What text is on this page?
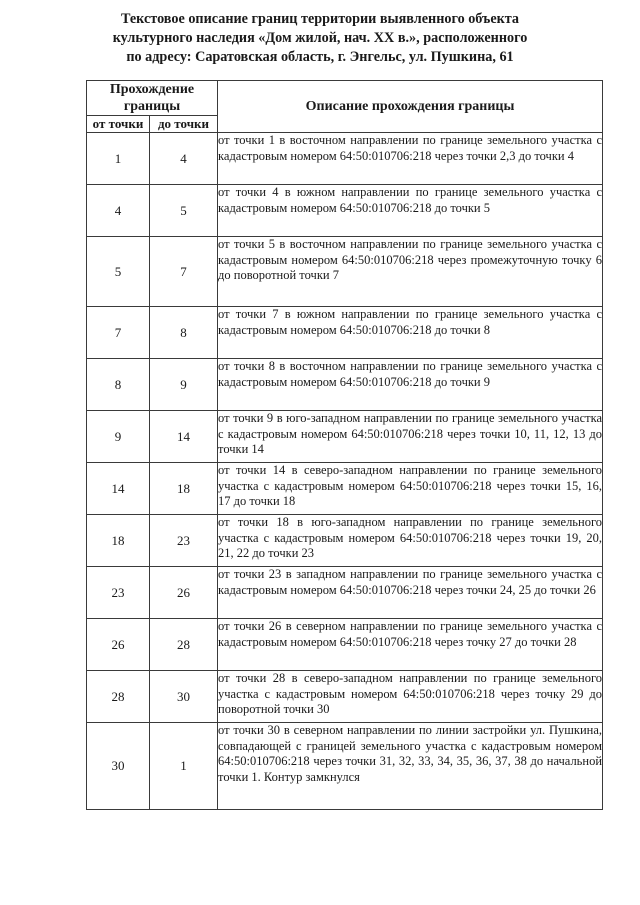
Текстовое описание границ территории выявленного объекта
культурного наследия «Дом жилой, нач. XX в.», расположенного
по адресу: Саратовская область, г. Энгельс, ул. Пушкина, 61
Прохождение границы		Описание прохождения границы
от точки	до точки	
1	4	от точки 1 в восточном направлении по границе земельного участка с кадастровым номером 64:50:010706:218 через точки 2,3 до точки 4
4	5	от точки 4 в южном направлении по границе земельного участка с кадастровым номером 64:50:010706:218 до точки 5
5	7	от точки 5 в восточном направлении по границе земельного участка с кадастровым номером 64:50:010706:218 через промежуточную точку 6 до поворотной точки 7
7	8	от точки 7 в южном направлении по границе земельного участка с кадастровым номером 64:50:010706:218 до точки 8
8	9	от точки 8 в восточном направлении по границе земельного участка с кадастровым номером 64:50:010706:218 до точки 9
9	14	от точки 9 в юго-западном направлении по границе земельного участка с кадастровым номером 64:50:010706:218 через точки 10, 11, 12, 13 до точки 14
14	18	от точки 14 в северо-западном направлении по границе земельного участка с кадастровым номером 64:50:010706:218 через точки 15, 16, 17 до точки 18
18	23	от точки 18 в юго-западном направлении по границе земельного участка с кадастровым номером 64:50:010706:218 через точки 19, 20, 21, 22 до точки 23
23	26	от точки 23 в западном направлении по границе земельного участка с кадастровым номером 64:50:010706:218 через точки 24, 25 до точки 26
26	28	от точки 26 в северном направлении по границе земельного участка с кадастровым номером 64:50:010706:218 через точку 27 до точки 28
28	30	от точки 28 в северо-западном направлении по границе земельного участка с кадастровым номером 64:50:010706:218 через точку 29 до поворотной точки 30
30	1	от точки 30 в северном направлении по линии застройки ул. Пушкина, совпадающей с границей земельного участка с кадастровым номером 64:50:010706:218 через точки 31, 32, 33, 34, 35, 36, 37, 38 до начальной точки 1. Контур замкнулся
